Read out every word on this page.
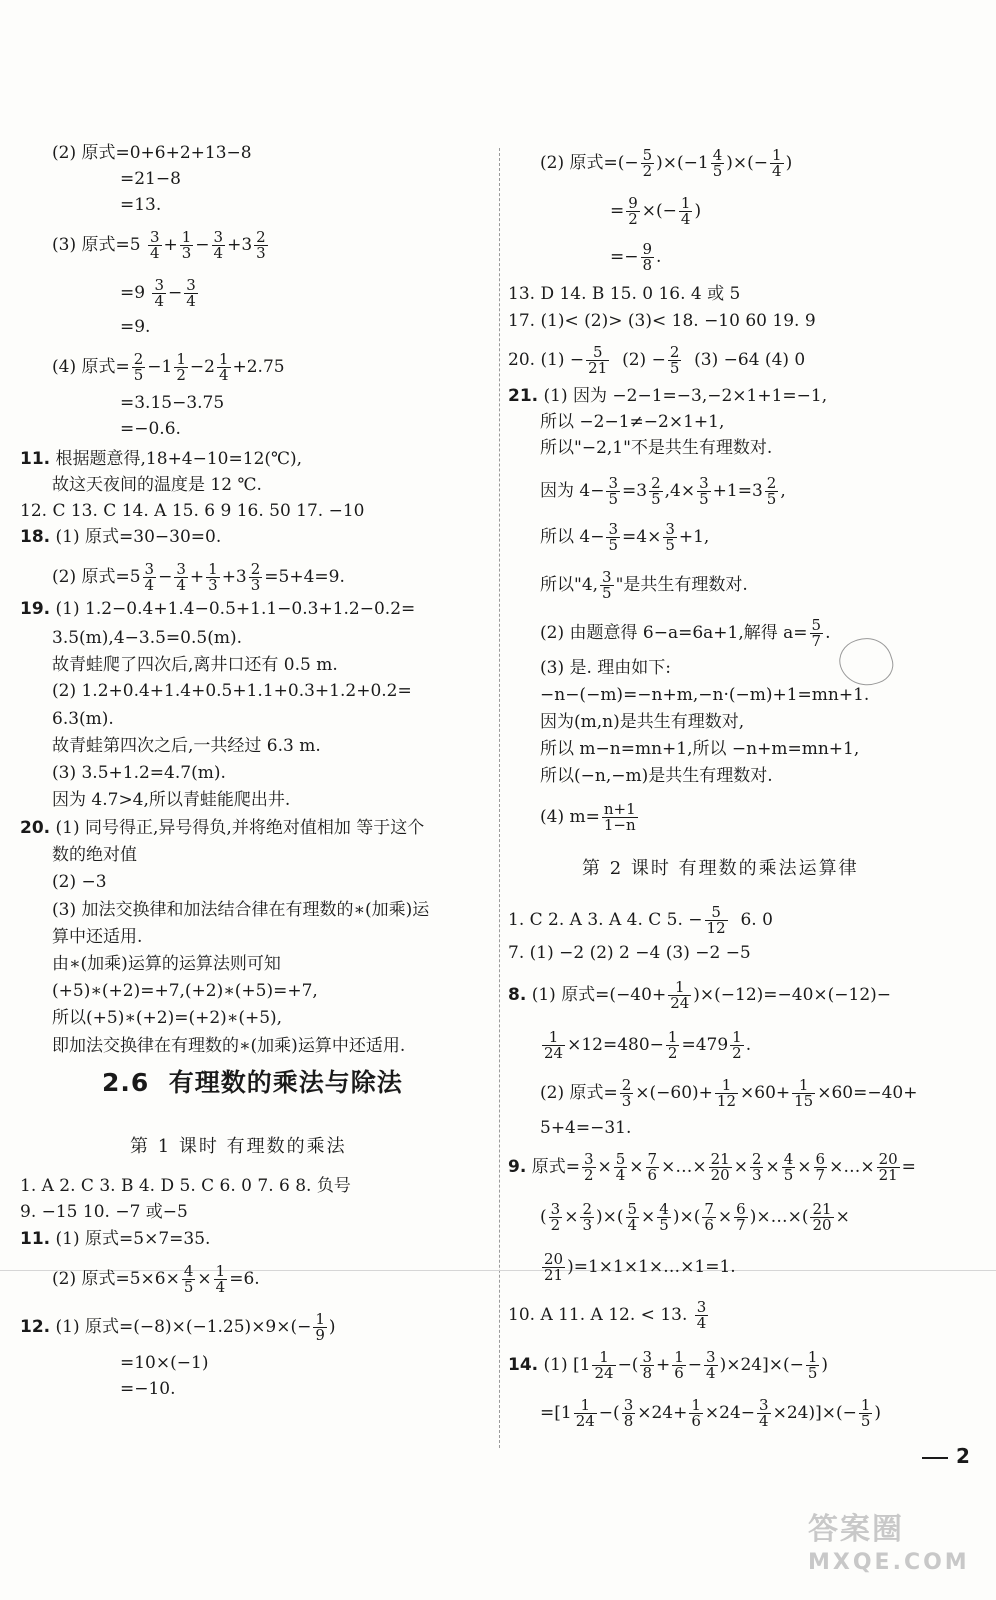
(2) 原式=0+6+2+13−8
=21−8
=13.
(3) 原式$=5 \frac{3}{4} + \frac{1}{3} - \frac{3}{4} +3 \frac{2}{3}$
$=9 \frac{3}{4} - \frac{3}{4}$
=9.
(4) 原式= $\frac{2}{5} -1 \frac{1}{2} -2 \frac{1}{4} +2.75$
=3.15−3.75
=−0.6.
11. 根据题意得,18+4−10=12(℃),
故这天夜间的温度是 12 ℃.
12. C 13. C 14. A 15. 6 9 16. 50 17. −10
18. (1) 原式=30−30=0.
(2) 原式$=5 \frac{3}{4} - \frac{3}{4} + \frac{1}{3} +3 \frac{2}{3} =5+4=9$.
19. (1) 1.2−0.4+1.4−0.5+1.1−0.3+1.2−0.2=
3.5(m),4−3.5=0.5(m).
故青蛙爬了四次后,离井口还有 0.5 m.
(2) 1.2+0.4+1.4+0.5+1.1+0.3+1.2+0.2=
6.3(m).
故青蛙第四次之后,一共经过 6.3 m.
(3) 3.5+1.2=4.7(m).
因为 4.7>4,所以青蛙能爬出井.
20. (1) 同号得正,异号得负,并将绝对值相加 等于这个
数的绝对值
(2) −3
(3) 加法交换律和加法结合律在有理数的∗(加乘)运
算中还适用.
由∗(加乘)运算的运算法则可知
(+5)∗(+2)=+7,(+2)∗(+5)=+7,
所以(+5)∗(+2)=(+2)∗(+5),
即加法交换律在有理数的∗(加乘)运算中还适用.
2.6 有理数的乘法与除法
第 1 课时 有理数的乘法
1. A 2. C 3. B 4. D 5. C 6. 0 7. 6 8. 负号
9. −15 10. −7 或−5
11. (1) 原式=5×7=35.
(2) 原式$=5\times 6\times \frac{4}{5} \times \frac{1}{4} =6$.
12. (1) 原式$=(-8)\times(-1.25)\times 9\times(- \frac{1}{9}$ )
=10×(−1)
=−10.
(2) 原式=(− $\frac{5}{2} )\times(-1 \frac{4}{5}$ )×(− $\frac{1}{4}$ )
= $\frac{9}{2}$ ×(− $\frac{1}{4}$ )
=− $\frac{9}{8}$ .
13. D 14. B 15. 0 16. 4 或 5
17. (1)< (2)> (3)< 18. −10 60 19. 9
20. $(1) - \frac{5}{21} (2) - \frac{2}{5} (3) -64$ (4) 0
21. (1) 因为 −2−1=−3,−2×1+1=−1,
所以 −2−1≠−2×1+1,
所以"−2,1"不是共生有理数对.
因为 $4- \frac{3}{5} =3 \frac{2}{5} ,4\times \frac{3}{5} +1=3 \frac{2}{5}$ ,
所以 $4- \frac{3}{5} =4\times \frac{3}{5} +1$,
所以"4, $\frac{3}{5}$ "是共生有理数对.
(2) 由题意得 6−a=6a+1,解得 $a= \frac{5}{7}$ .
(3) 是. 理由如下:
−n−(−m)=−n+m,−n·(−m)+1=mn+1.
因为(m,n)是共生有理数对,
所以 m−n=mn+1,所以 −n+m=mn+1,
所以(−n,−m)是共生有理数对.
(4) $m= \frac{n+1}{1-n}$
第 2 课时 有理数的乘法运算律
1. C 2. A 3. A 4. C 5. − $\frac{5}{12} 6$. 0
7. (1) −2 (2) 2 −4 (3) −2 −5
8. (1) 原式$=(-40+ \frac{1}{24} )\times(-12)=-40\times(-12)-$
$\frac{1}{24} \times 12=480- \frac{1}{2} =479 \frac{1}{2}$ .
(2) 原式= $\frac{2}{3} \times(-60)+ \frac{1}{12} \times 60+ \frac{1}{15} \times 60=-40+$
5+4=−31.
9. 原式= $\frac{3}{2} \times \frac{5}{4} \times \frac{7}{6}$ ×…× $\frac{21}{20} \times \frac{2}{3} \times \frac{4}{5} \times \frac{6}{7}$ ×…× $\frac{20}{21}$ =
( $\frac{3}{2} \times \frac{2}{3}$ )×( $\frac{5}{4} \times \frac{4}{5}$ )×( $\frac{7}{6} \times \frac{6}{7}$ )×…×( $\frac{21}{20}$ ×
$\frac{20}{21}$ )=1×1×1×…×1=1.
10. A 11. A 12. < 13. $\frac{3}{4}$
14. (1) [$1 \frac{1}{24}$ −( $\frac{3}{8} + \frac{1}{6} - \frac{3}{4} )\times 24]\times(- \frac{1}{5}$ )
$=[1 \frac{1}{24}$ −( $\frac{3}{8} \times 24+ \frac{1}{6} \times 24- \frac{3}{4} \times 24)]\times(- \frac{1}{5}$ )
2
答案圈
MXQE.COM
